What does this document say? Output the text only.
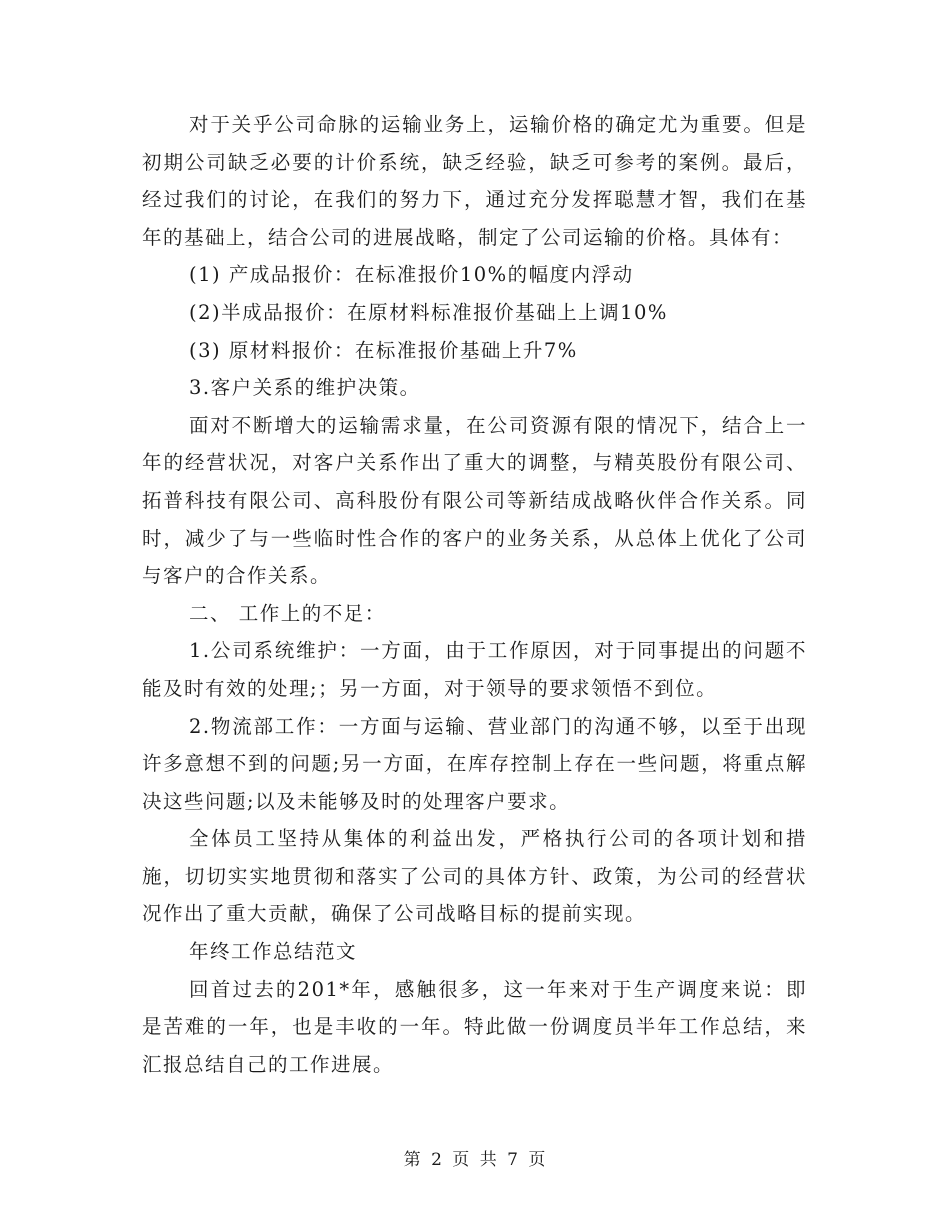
对于关乎公司命脉的运输业务上，运输价格的确定尤为重要。但是初期公司缺乏必要的计价系统，缺乏经验，缺乏可参考的案例。最后，经过我们的讨论，在我们的努力下，通过充分发挥聪慧才智，我们在基年的基础上，结合公司的进展战略，制定了公司运输的价格。具体有：

(1) 产成品报价：在标准报价10%的幅度内浮动

(2)半成品报价：在原材料标准报价基础上上调10%

(3) 原材料报价：在标准报价基础上升7%

3.客户关系的维护决策。

面对不断增大的运输需求量，在公司资源有限的情况下，结合上一年的经营状况，对客户关系作出了重大的调整，与精英股份有限公司、拓普科技有限公司、高科股份有限公司等新结成战略伙伴合作关系。同时，减少了与一些临时性合作的客户的业务关系，从总体上优化了公司与客户的合作关系。

二、 工作上的不足：

1.公司系统维护：一方面，由于工作原因，对于同事提出的问题不能及时有效的处理;；另一方面，对于领导的要求领悟不到位。

2.物流部工作：一方面与运输、营业部门的沟通不够，以至于出现许多意想不到的问题;另一方面，在库存控制上存在一些问题，将重点解决这些问题;以及未能够及时的处理客户要求。

全体员工坚持从集体的利益出发，严格执行公司的各项计划和措施，切切实实地贯彻和落实了公司的具体方针、政策，为公司的经营状况作出了重大贡献，确保了公司战略目标的提前实现。

年终工作总结范文

回首过去的201*年，感触很多，这一年来对于生产调度来说：即是苦难的一年，也是丰收的一年。特此做一份调度员半年工作总结，来汇报总结自己的工作进展。

第 2 页 共 7 页
